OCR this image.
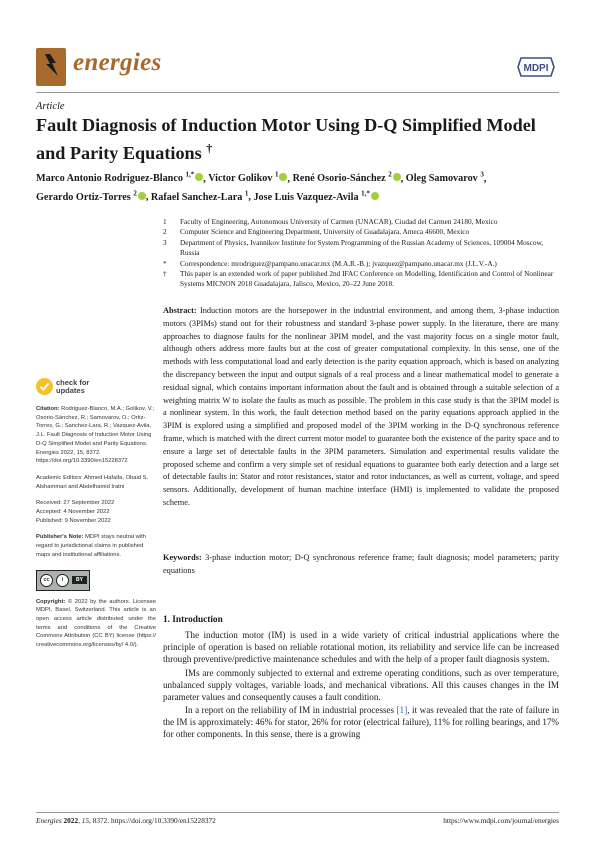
energies	MDPI
Article
Fault Diagnosis of Induction Motor Using D-Q Simplified Model and Parity Equations †
Marco Antonio Rodriguez-Blanco $^{1,*}$ , Victor Golikov $^1$ , René Osorio-Sánchez $^2$ , Oleg Samovarov $^3$,
Gerardo Ortiz-Torres $^2$ , Rafael Sanchez-Lara $^1$, Jose Luis Vazquez-Avila $^{1,*}$
1	Faculty of Engineering, Autonomous University of Carmen (UNACAR), Ciudad del Carmen 24180, Mexico
2	Computer Science and Engineering Department, University of Guadalajara, Ameca 46600, Mexico
3	Department of Physics, Ivannikov Institute for System Programming of the Russian Academy of Sciences, 109004 Moscow, Russia
*	Correspondence: mrodriguez@pampano.unacar.mx (M.A.R.-B.); jvazquez@pampano.unacar.mx (J.L.V.-A.)
†	This paper is an extended work of paper published 2nd IFAC Conference on Modelling, Identification and Control of Nonlinear Systems MICNON 2018 Guadalajara, Jalisco, Mexico, 20–22 June 2018.
Abstract: Induction motors are the horsepower in the industrial environment, and among them, 3-phase induction motors (3PIMs) stand out for their robustness and standard 3-phase power supply. In the literature, there are many approaches to diagnose faults for the nonlinear 3PIM model, and the vast majority focus on a single motor fault, although others address more faults but at the cost of greater computational complexity. In this sense, one of the methods with less computational load and early detection is the parity equation approach, which is based on analyzing the discrepancy between the input and output signals of a real process and a linear mathematical model to generate a residual signal, which contains important information about the fault and is obtained through a suitable selection of a weighting matrix W to isolate the faults as much as possible. The problem in this case study is that the 3PIM model is a nonlinear system. In this work, the fault detection method based on the parity equations approach applied in the 3PIM is explored using a simplified and proposed model of the 3PIM working in the D-Q synchronous reference frame, which is matched with the direct current motor model to guarantee both the existence of the parity space and to ensure a large set of detectable faults in the 3PIM parameters. Simulation and experimental results validate the proposed scheme and confirm a very simple set of residual equations to guarantee both early detection and a large set of detectable faults in: Stator and rotor resistances, stator and rotor inductances, as well as current, voltage, and speed sensors. Additionally, development of human machine interface (HMI) is implemented to validate the proposed scheme.
Keywords: 3-phase induction motor; D-Q synchronous reference frame; fault diagnosis; model parameters; parity equations
check for
updates
Citation: Rodriguez-Blanco, M.A.; Golikov, V.; Osorio-Sánchez, R.; Samovarov, O.; Ortiz-Torres, G.; Sanchez-Lara, R.; Vazquez-Avila, J.L. Fault Diagnosis of Induction Motor Using D-Q Simplified Model and Parity Equations. Energies 2022, 15, 8372. https://doi.org/10.3390/en15228372
Academic Editors: Ahmed Hafaifa, Obaid S. Alshammari and Abdelhamid Iratni
Received: 27 September 2022
Accepted: 4 November 2022
Published: 9 November 2022
Publisher's Note: MDPI stays neutral with regard to jurisdictional claims in published maps and institutional affiliations.
cc	i	BY
Copyright: © 2022 by the authors. Licensee MDPI, Basel, Switzerland. This article is an open access article distributed under the terms and conditions of the Creative Commons Attribution (CC BY) license (https:// creativecommons.org/licenses/by/ 4.0/).
1. Introduction

The induction motor (IM) is used in a wide variety of critical industrial applications where the principle of operation is based on reliable rotational motion, its reliability and service life can be increased through preventive/predictive maintenance schedules and with the help of a proper fault diagnosis system.

IMs are commonly subjected to external and extreme operating conditions, such as over temperature, unbalanced supply voltages, variable loads, and mechanical vibrations. All this causes changes in the IM parameter values and consequently causes a fault condition.

In a report on the reliability of IM in industrial processes [1], it was revealed that the rate of failure in the IM is approximately: 46% for stator, 26% for rotor (electrical failure), 11% for rolling bearings, and 17% for other components. In this sense, there is a growing

Energies 2022, 15, 8372. https://doi.org/10.3390/en15228372	https://www.mdpi.com/journal/energies
